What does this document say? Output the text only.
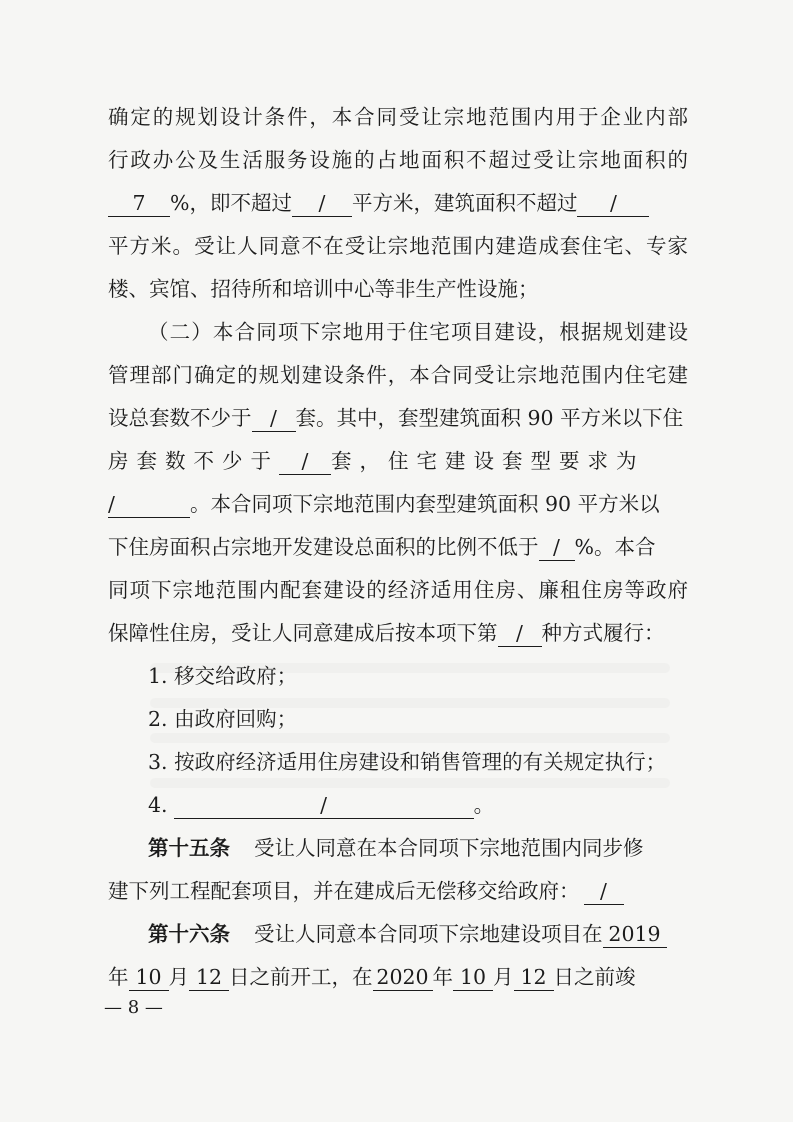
确定的规划设计条件，本合同受让宗地范围内用于企业内部
行政办公及生活服务设施的占地面积不超过受让宗地面积的
7 %，即不超过 / 平方米，建筑面积不超过 /
平方米。受让人同意不在受让宗地范围内建造成套住宅、专家
楼、宾馆、招待所和培训中心等非生产性设施；
（二）本合同项下宗地用于住宅项目建设，根据规划建设
管理部门确定的规划建设条件，本合同受让宗地范围内住宅建
设总套数不少于 / 套。其中，套型建筑面积 90 平方米以下住
房套数不少于 / 套，住宅建设套型要求为
/	。本合同项下宗地范围内套型建筑面积 90 平方米以
下住房面积占宗地开发建设总面积的比例不低于 / %。本合
同项下宗地范围内配套建设的经济适用住房、廉租住房等政府
保障性住房，受让人同意建成后按本项下第 / 种方式履行：
1. 移交给政府；
2. 由政府回购；
3. 按政府经济适用住房建设和销售管理的有关规定执行；
4.	/	。
第十五条 受让人同意在本合同项下宗地范围内同步修
建下列工程配套项目，并在建成后无偿移交给政府： /
第十六条 受让人同意本合同项下宗地建设项目在 2019
年 10 月 12 日之前开工，在 2020 年 10 月 12 日之前竣
— 8 —
